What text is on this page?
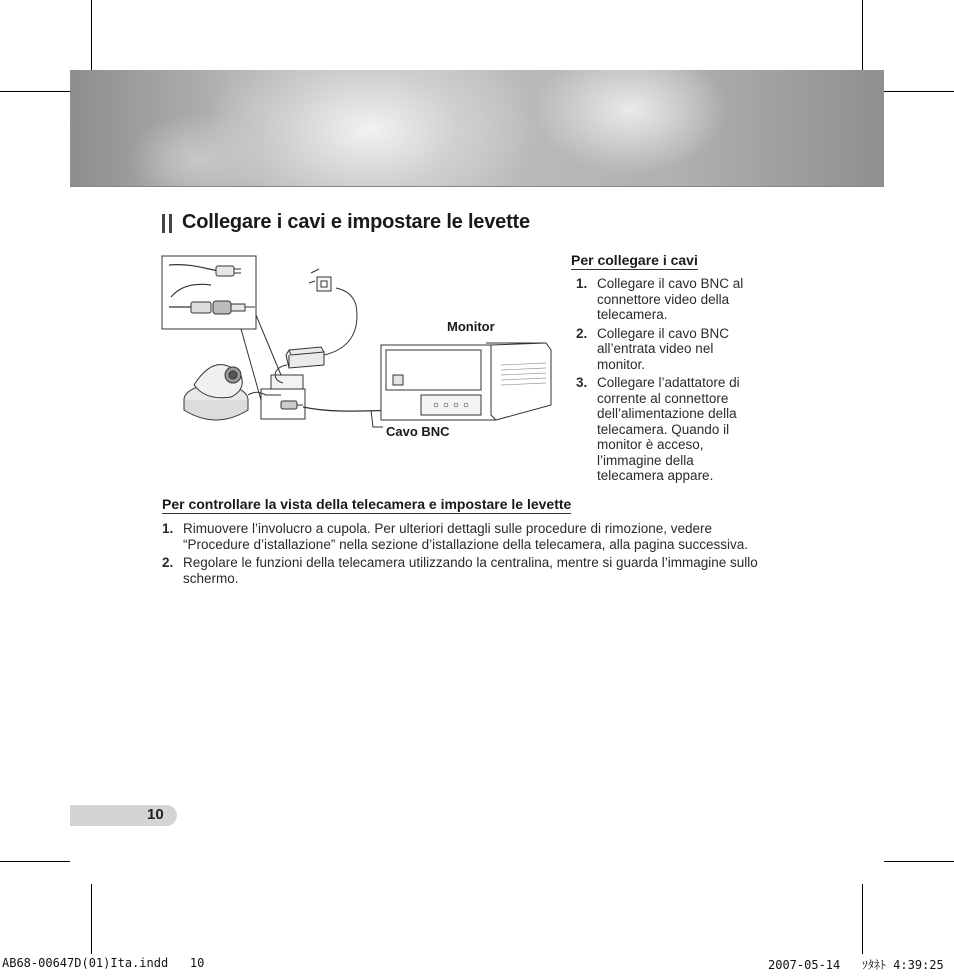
Collegare i cavi e impostare le levette
Monitor
Cavo BNC
Per collegare i cavi
1. Collegare il cavo BNC al connettore video della telecamera.
2. Collegare il cavo BNC all’entrata video nel monitor.
3. Collegare l’adattatore di corrente al connettore dell’alimentazione della telecamera. Quando il monitor è acceso, l’immagine della telecamera appare.
Per controllare la vista della telecamera e impostare le levette
1. Rimuovere l’involucro a cupola. Per ulteriori dettagli sulle procedure di rimozione, vedere “Procedure d’istallazione” nella sezione d’istallazione della telecamera, alla pagina successiva.
2. Regolare le funzioni della telecamera utilizzando la centralina, mentre si guarda l’immagine sullo schermo.
10
AB68-00647D(01)Ita.indd   10	2007-05-14   ｿﾀﾈﾄ 4:39:25
